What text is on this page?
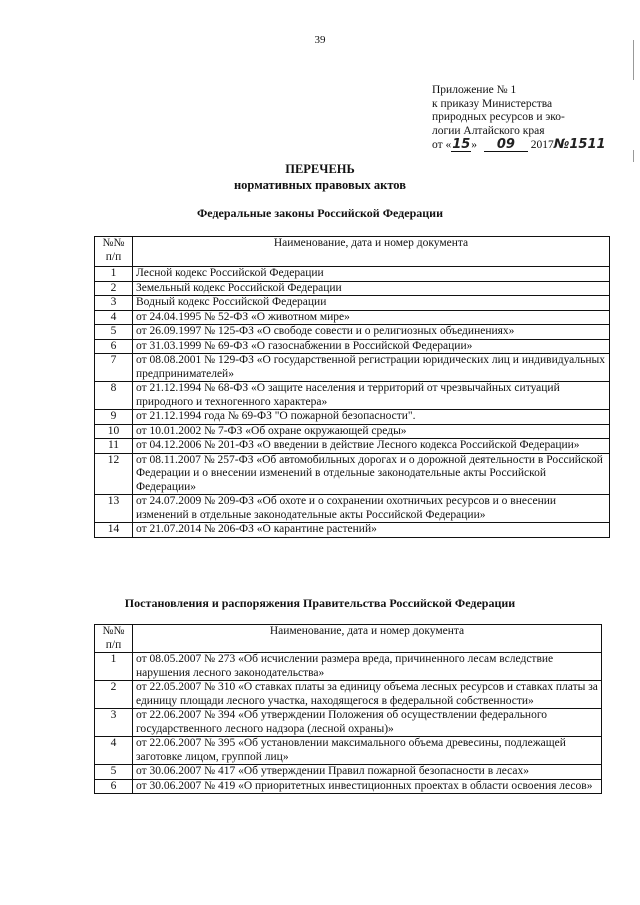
39
Приложение № 1
к приказу Министерства
природных ресурсов и эко-
логии Алтайского края
от «15» 09 2017№1511
ПЕРЕЧЕНЬ
нормативных правовых актов
Федеральные законы Российской Федерации
№№ п/п	Наименование, дата и номер документа
1	Лесной кодекс Российской Федерации
2	Земельный кодекс Российской Федерации
3	Водный кодекс Российской Федерации
4	от 24.04.1995 № 52-ФЗ «О животном мире»
5	от 26.09.1997 № 125-ФЗ «О свободе совести и о религиозных объединениях»
6	от 31.03.1999 № 69-ФЗ «О газоснабжении в Российской Федерации»
7	от 08.08.2001 № 129-ФЗ «О государственной регистрации юридических лиц и индивидуальных предпринимателей»
8	от 21.12.1994 № 68-ФЗ «О защите населения и территорий от чрезвычайных ситуаций природного и техногенного характера»
9	от 21.12.1994 года № 69-ФЗ "О пожарной безопасности".
10	от 10.01.2002 № 7-ФЗ «Об охране окружающей среды»
11	от 04.12.2006 № 201-ФЗ «О введении в действие Лесного кодекса Российской Федерации»
12	от 08.11.2007 № 257-ФЗ «Об автомобильных дорогах и о дорожной деятельности в Российской Федерации и о внесении изменений в отдельные законодательные акты Российской Федерации»
13	от 24.07.2009 № 209-ФЗ «Об охоте и о сохранении охотничьих ресурсов и о внесении изменений в отдельные законодательные акты Российской Федерации»
14	от 21.07.2014 № 206-ФЗ «О карантине растений»
Постановления и распоряжения Правительства Российской Федерации
№№ п/п	Наименование, дата и номер документа
1	от 08.05.2007 № 273 «Об исчислении размера вреда, причиненного лесам вследствие нарушения лесного законодательства»
2	от 22.05.2007 № 310 «О ставках платы за единицу объема лесных ресурсов и ставках платы за единицу площади лесного участка, находящегося в федеральной собственности»
3	от 22.06.2007 № 394 «Об утверждении Положения об осуществлении федерального государственного лесного надзора (лесной охраны)»
4	от 22.06.2007 № 395 «Об установлении максимального объема древесины, подлежащей заготовке лицом, группой лиц»
5	от 30.06.2007 № 417 «Об утверждении Правил пожарной безопасности в лесах»
6	от 30.06.2007 № 419 «О приоритетных инвестиционных проектах в области освоения лесов»
